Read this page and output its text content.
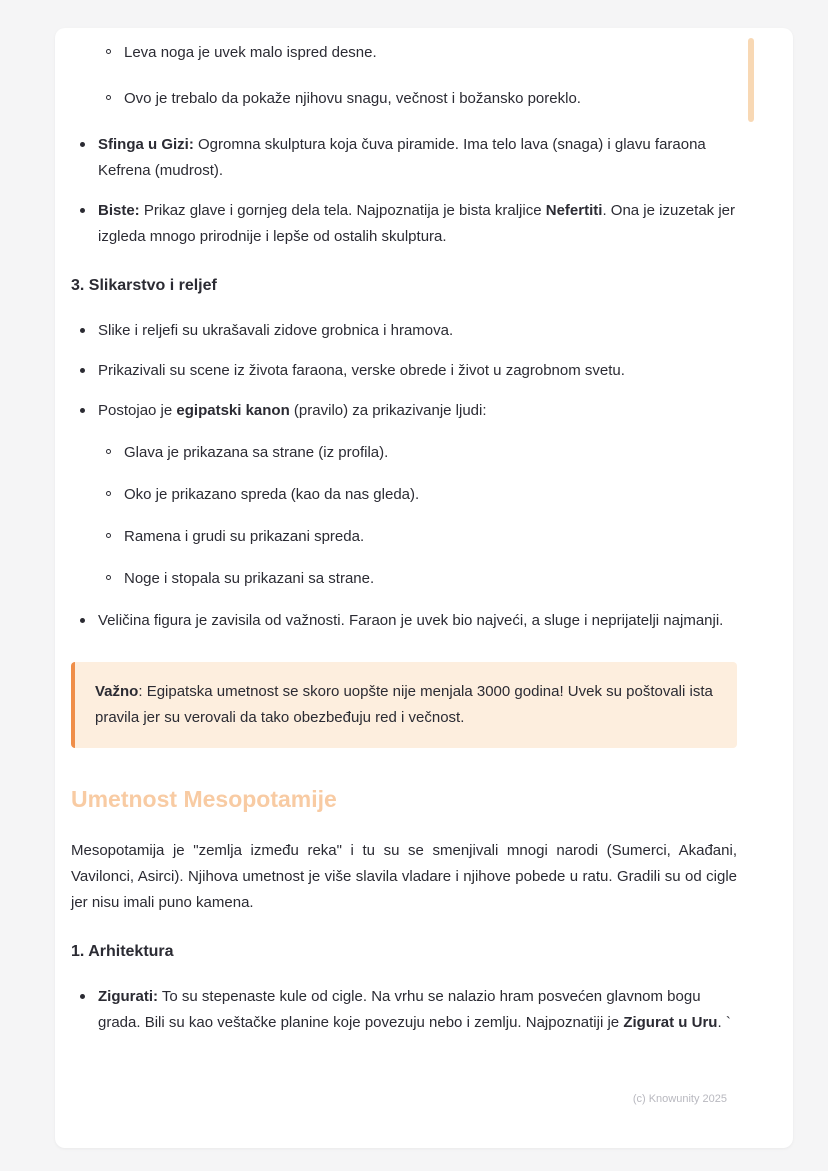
Leva noga je uvek malo ispred desne.

Ovo je trebalo da pokaže njihovu snagu, večnost i božansko poreklo.

Sfinga u Gizi: Ogromna skulptura koja čuva piramide. Ima telo lava (snaga) i glavu faraona Kefrena (mudrost).

Biste: Prikaz glave i gornjeg dela tela. Najpoznatija je bista kraljice Nefertiti. Ona je izuzetak jer izgleda mnogo prirodnije i lepše od ostalih skulptura.

3. Slikarstvo i reljef

Slike i reljefi su ukrašavali zidove grobnica i hramova.

Prikazivali su scene iz života faraona, verske obrede i život u zagrobnom svetu.

Postojao je egipatski kanon (pravilo) za prikazivanje ljudi:

Glava je prikazana sa strane (iz profila).

Oko je prikazano spreda (kao da nas gleda).

Ramena i grudi su prikazani spreda.

Noge i stopala su prikazani sa strane.

Veličina figura je zavisila od važnosti. Faraon je uvek bio najveći, a sluge i neprijatelji najmanji.

Važno: Egipatska umetnost se skoro uopšte nije menjala 3000 godina! Uvek su poštovali ista pravila jer su verovali da tako obezbeđuju red i večnost.

Umetnost Mesopotamije

Mesopotamija je "zemlja između reka" i tu su se smenjivali mnogi narodi (Sumerci, Akađani, Vavilonci, Asirci). Njihova umetnost je više slavila vladare i njihove pobede u ratu. Gradili su od cigle jer nisu imali puno kamena.

1. Arhitektura

Zigurati: To su stepenaste kule od cigle. Na vrhu se nalazio hram posvećen glavnom bogu grada. Bili su kao veštačke planine koje povezuju nebo i zemlju. Najpoznatiji je Zigurat u Uru. `

(c) Knowunity 2025
